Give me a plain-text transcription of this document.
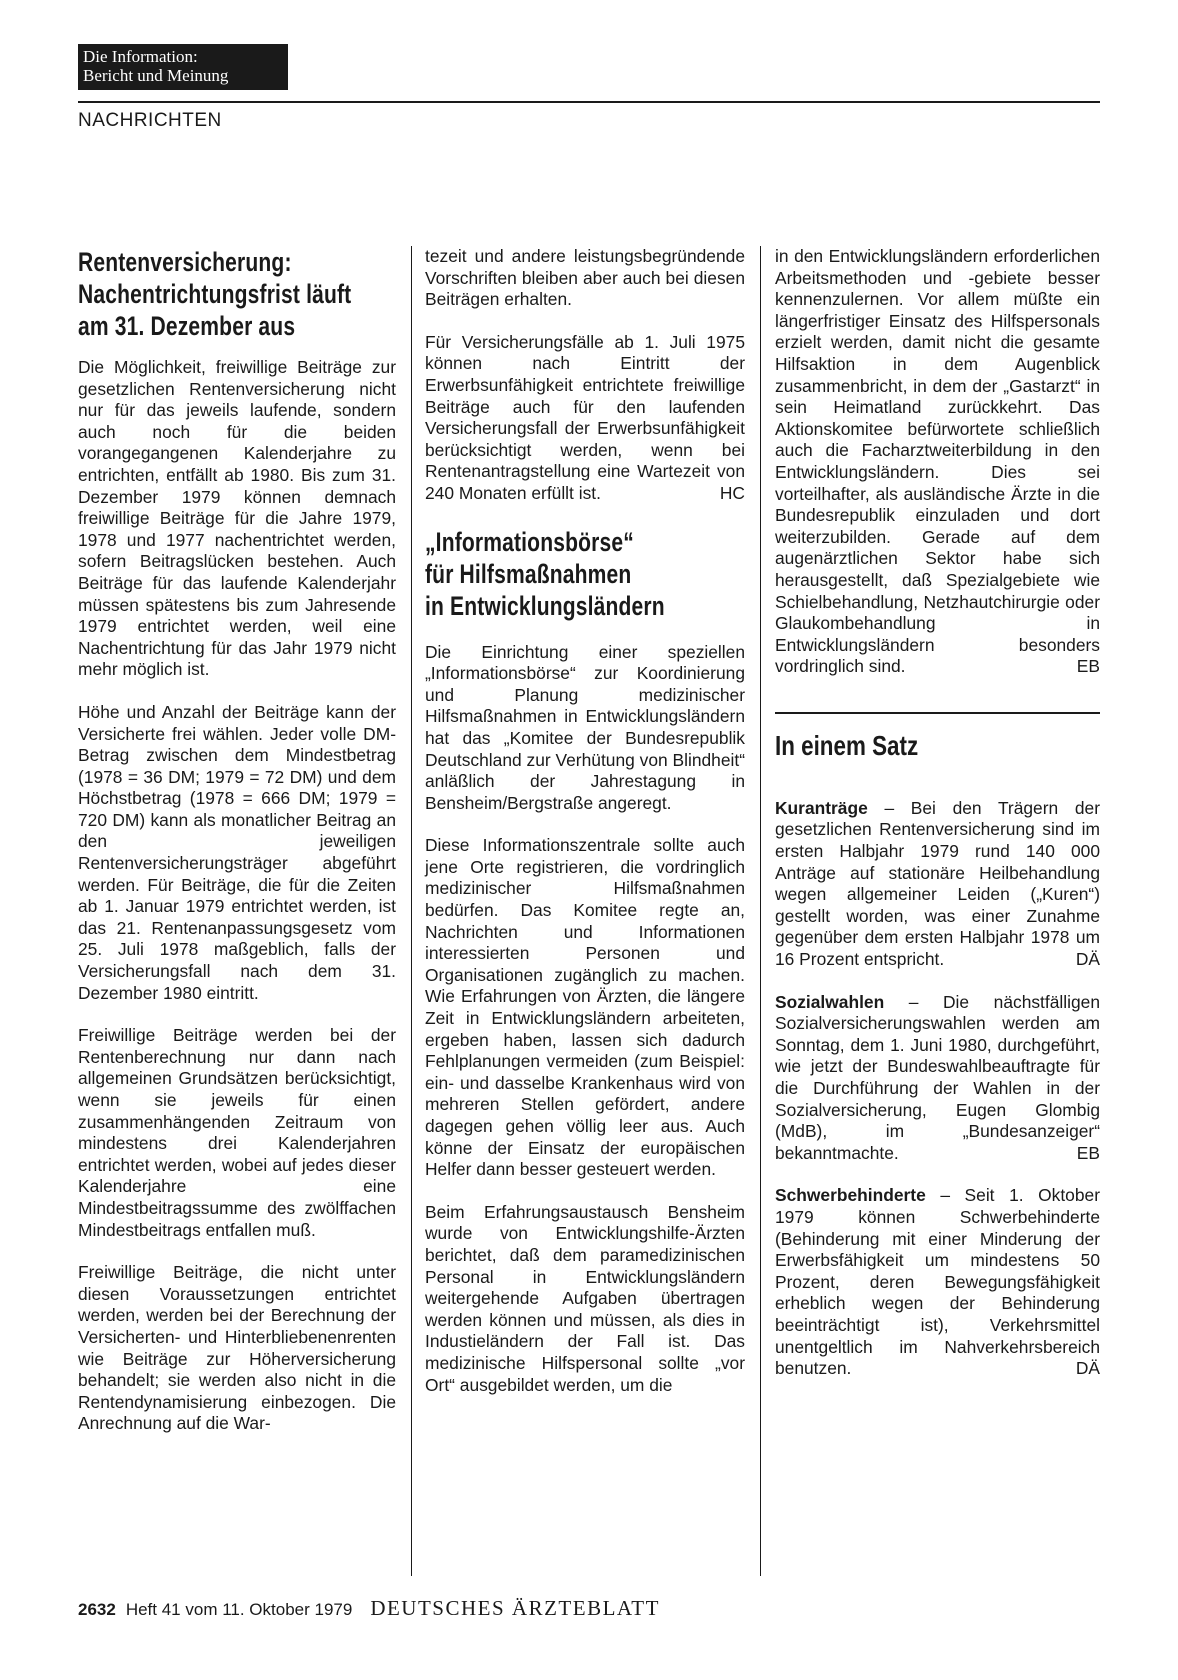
Die Information:
Bericht und Meinung
NACHRICHTEN
Rentenversicherung:
Nachentrichtungsfrist läuft
am 31. Dezember aus

Die Möglichkeit, freiwillige Beiträge zur gesetzlichen Rentenversicherung nicht nur für das jeweils laufende, sondern auch noch für die beiden vorangegangenen Kalenderjahre zu entrichten, entfällt ab 1980. Bis zum 31. Dezember 1979 können demnach freiwillige Beiträge für die Jahre 1979, 1978 und 1977 nachentrichtet werden, sofern Beitragslücken bestehen. Auch Beiträge für das laufende Kalenderjahr müssen spätestens bis zum Jahresende 1979 entrichtet werden, weil eine Nachentrichtung für das Jahr 1979 nicht mehr möglich ist.

Höhe und Anzahl der Beiträge kann der Versicherte frei wählen. Jeder volle DM-Betrag zwischen dem Mindestbetrag (1978 = 36 DM; 1979 = 72 DM) und dem Höchstbetrag (1978 = 666 DM; 1979 = 720 DM) kann als monatlicher Beitrag an den jeweiligen Rentenversicherungsträger abgeführt werden. Für Beiträge, die für die Zeiten ab 1. Januar 1979 entrichtet werden, ist das 21. Rentenanpassungsgesetz vom 25. Juli 1978 maßgeblich, falls der Versicherungsfall nach dem 31. Dezember 1980 eintritt.

Freiwillige Beiträge werden bei der Rentenberechnung nur dann nach allgemeinen Grundsätzen berücksichtigt, wenn sie jeweils für einen zusammenhängenden Zeitraum von mindestens drei Kalenderjahren entrichtet werden, wobei auf jedes dieser Kalenderjahre eine Mindestbeitragssumme des zwölffachen Mindestbeitrags entfallen muß.

Freiwillige Beiträge, die nicht unter diesen Voraussetzungen entrichtet werden, werden bei der Berechnung der Versicherten- und Hinterbliebenenrenten wie Beiträge zur Höherversicherung behandelt; sie werden also nicht in die Rentendynamisierung einbezogen. Die Anrechnung auf die War-

tezeit und andere leistungsbegründende Vorschriften bleiben aber auch bei diesen Beiträgen erhalten.

Für Versicherungsfälle ab 1. Juli 1975 können nach Eintritt der Erwerbsunfähigkeit entrichtete freiwillige Beiträge auch für den laufenden Versicherungsfall der Erwerbsunfähigkeit berücksichtigt werden, wenn bei Rentenantragstellung eine Wartezeit von 240 Monaten erfüllt ist.	HC

„Informationsbörse“
für Hilfsmaßnahmen
in Entwicklungsländern

Die Einrichtung einer speziellen „Informationsbörse“ zur Koordinierung und Planung medizinischer Hilfsmaßnahmen in Entwicklungsländern hat das „Komitee der Bundesrepublik Deutschland zur Verhütung von Blindheit“ anläßlich der Jahrestagung in Bensheim/Bergstraße angeregt.

Diese Informationszentrale sollte auch jene Orte registrieren, die vordringlich medizinischer Hilfsmaßnahmen bedürfen. Das Komitee regte an, Nachrichten und Informationen interessierten Personen und Organisationen zugänglich zu machen. Wie Erfahrungen von Ärzten, die längere Zeit in Entwicklungsländern arbeiteten, ergeben haben, lassen sich dadurch Fehlplanungen vermeiden (zum Beispiel: ein- und dasselbe Krankenhaus wird von mehreren Stellen gefördert, andere dagegen gehen völlig leer aus. Auch könne der Einsatz der europäischen Helfer dann besser gesteuert werden.

Beim Erfahrungsaustausch Bensheim wurde von Entwicklungshilfe-Ärzten berichtet, daß dem paramedizinischen Personal in Entwicklungsländern weitergehende Aufgaben übertragen werden können und müssen, als dies in Industieländern der Fall ist. Das medizinische Hilfspersonal sollte „vor Ort“ ausgebildet werden, um die

in den Entwicklungsländern erforderlichen Arbeitsmethoden und -gebiete besser kennenzulernen. Vor allem müßte ein längerfristiger Einsatz des Hilfspersonals erzielt werden, damit nicht die gesamte Hilfsaktion in dem Augenblick zusammenbricht, in dem der „Gastarzt“ in sein Heimatland zurückkehrt. Das Aktionskomitee befürwortete schließlich auch die Facharztweiterbildung in den Entwicklungsländern. Dies sei vorteilhafter, als ausländische Ärzte in die Bundesrepublik einzuladen und dort weiterzubilden. Gerade auf dem augenärztlichen Sektor habe sich herausgestellt, daß Spezialgebiete wie Schielbehandlung, Netzhautchirurgie oder Glaukombehandlung in Entwicklungsländern besonders vordringlich sind.	EB

In einem Satz

Kuranträge – Bei den Trägern der gesetzlichen Rentenversicherung sind im ersten Halbjahr 1979 rund 140 000 Anträge auf stationäre Heilbehandlung wegen allgemeiner Leiden („Kuren“) gestellt worden, was einer Zunahme gegenüber dem ersten Halbjahr 1978 um 16 Prozent entspricht.	DÄ

Sozialwahlen – Die nächstfälligen Sozialversicherungswahlen werden am Sonntag, dem 1. Juni 1980, durchgeführt, wie jetzt der Bundeswahlbeauftragte für die Durchführung der Wahlen in der Sozialversicherung, Eugen Glombig (MdB), im „Bundesanzeiger“ bekanntmachte.	EB

Schwerbehinderte – Seit 1. Oktober 1979 können Schwerbehinderte (Behinderung mit einer Minderung der Erwerbsfähigkeit um mindestens 50 Prozent, deren Bewegungsfähigkeit erheblich wegen der Behinderung beeinträchtigt ist), Verkehrsmittel unentgeltlich im Nahverkehrsbereich benutzen.	DÄ

2632 Heft 41 vom 11. Oktober 1979 DEUTSCHES ÄRZTEBLATT
